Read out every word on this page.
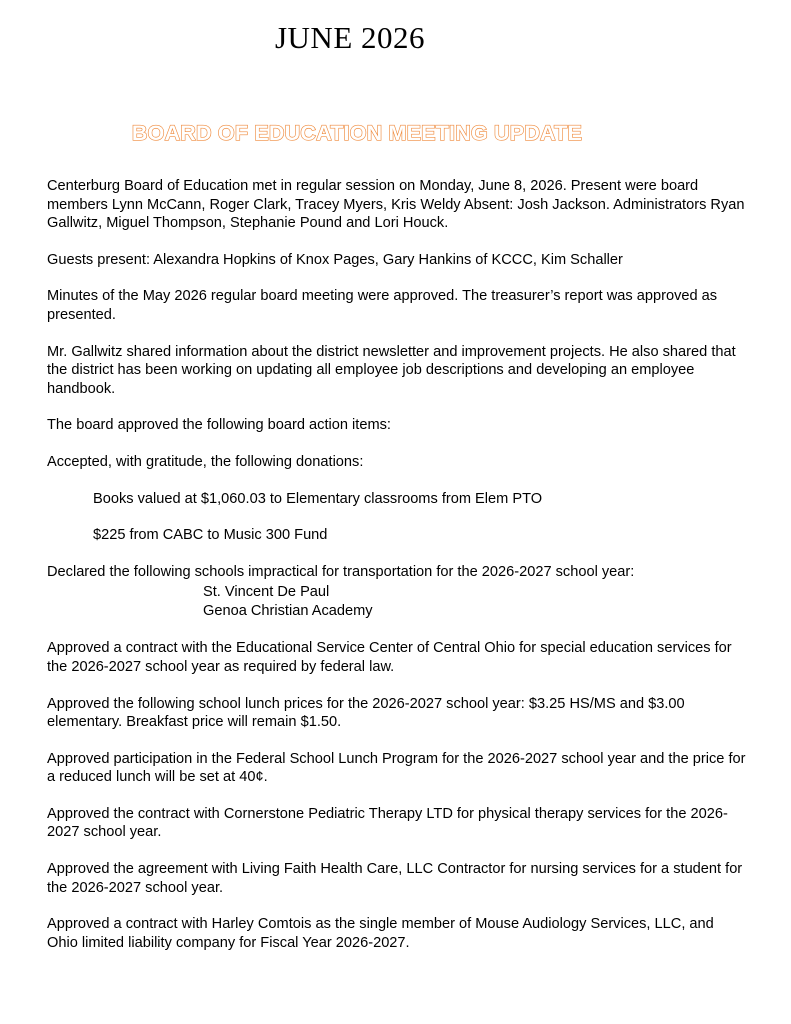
JUNE 2026
BOARD OF EDUCATION MEETING UPDATE

Centerburg Board of Education met in regular session on Monday, June 8, 2026. Present were board members Lynn McCann, Roger Clark, Tracey Myers, Kris Weldy Absent: Josh Jackson. Administrators Ryan Gallwitz, Miguel Thompson, Stephanie Pound and Lori Houck.

Guests present: Alexandra Hopkins of Knox Pages, Gary Hankins of KCCC, Kim Schaller

Minutes of the May 2026 regular board meeting were approved. The treasurer’s report was approved as presented.

Mr. Gallwitz shared information about the district newsletter and improvement projects. He also shared that the district has been working on updating all employee job descriptions and developing an employee handbook.

The board approved the following board action items:

Accepted, with gratitude, the following donations:

Books valued at $1,060.03 to Elementary classrooms from Elem PTO

$225 from CABC to Music 300 Fund

Declared the following schools impractical for transportation for the 2026-2027 school year:

St. Vincent De Paul
Genoa Christian Academy

Approved a contract with the Educational Service Center of Central Ohio for special education services for the 2026-2027 school year as required by federal law.

Approved the following school lunch prices for the 2026-2027 school year: $3.25 HS/MS and $3.00 elementary. Breakfast price will remain $1.50.

Approved participation in the Federal School Lunch Program for the 2026-2027 school year and the price for a reduced lunch will be set at 40¢.

Approved the contract with Cornerstone Pediatric Therapy LTD for physical therapy services for the 2026-2027 school year.

Approved the agreement with Living Faith Health Care, LLC Contractor for nursing services for a student for the 2026-2027 school year.

Approved a contract with Harley Comtois as the single member of Mouse Audiology Services, LLC, and Ohio limited liability company for Fiscal Year 2026-2027.
